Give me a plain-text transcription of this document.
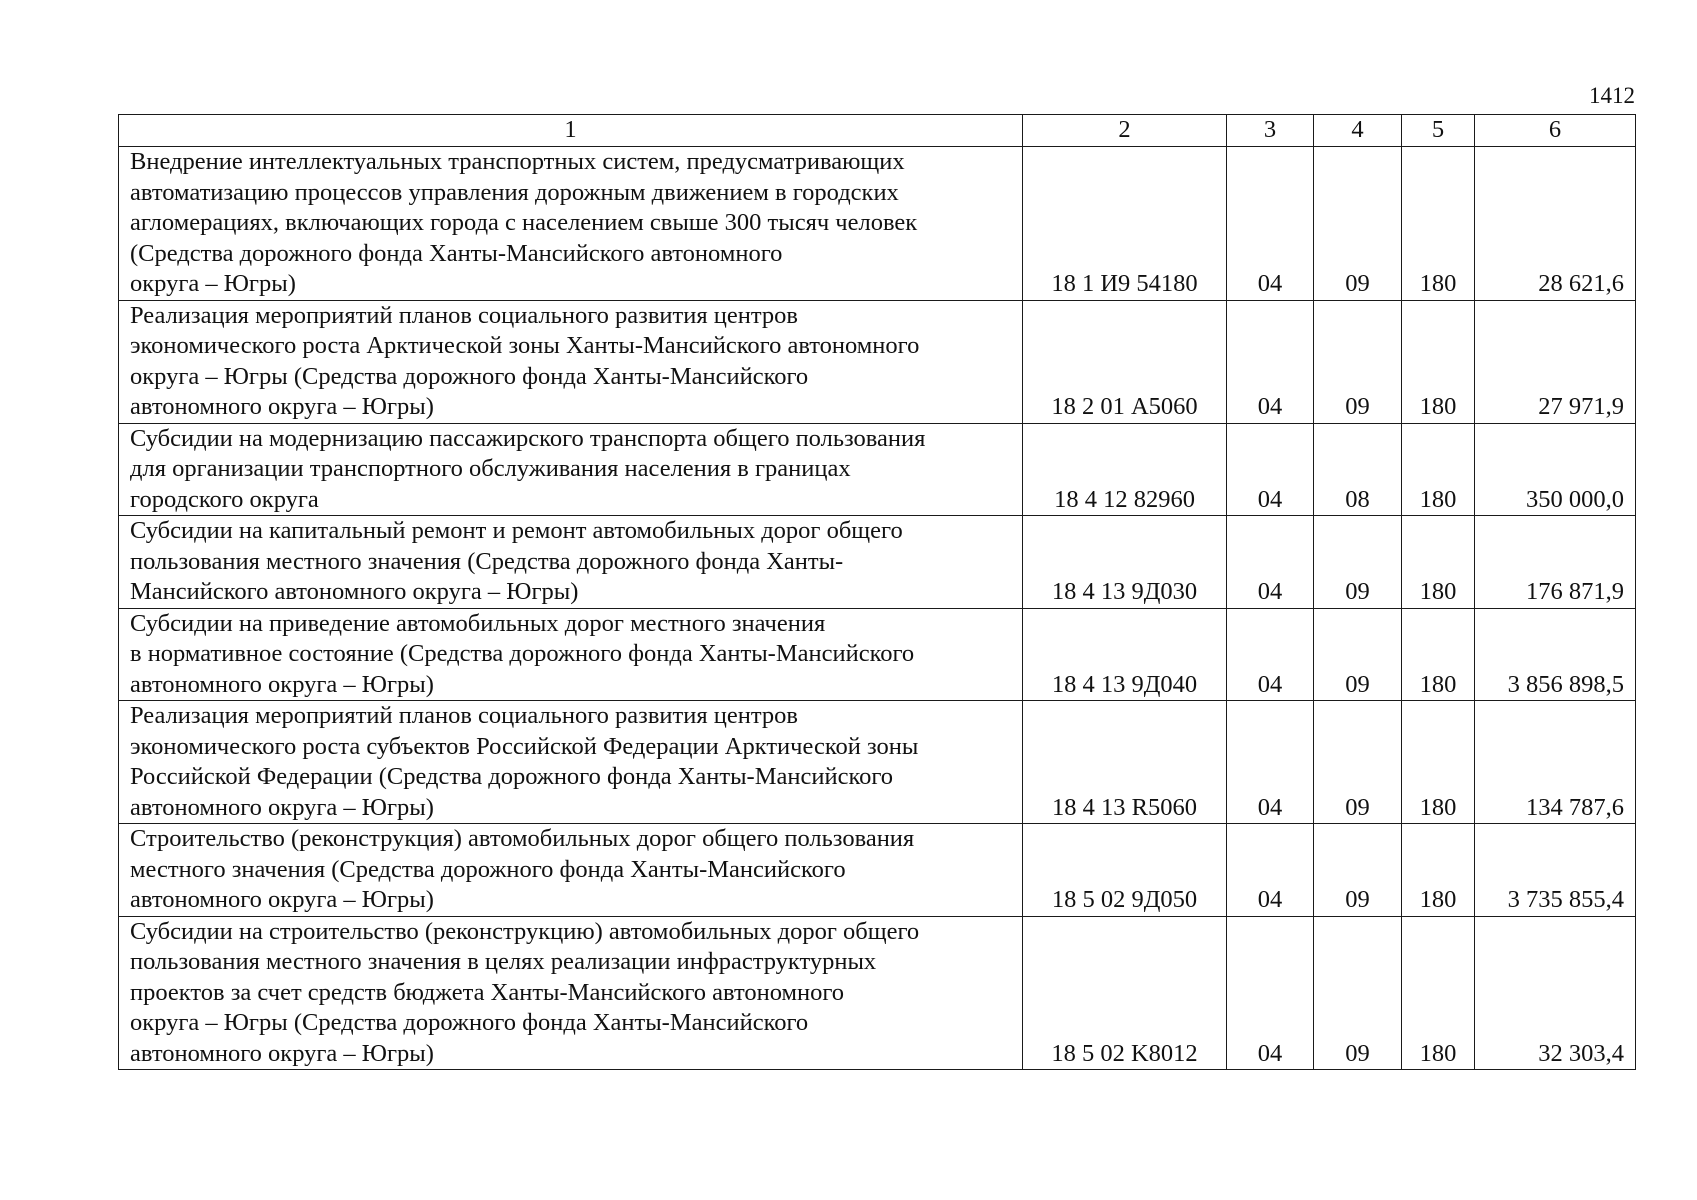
1412
1	2	3	4	5	6

Внедрение интеллектуальных транспортных систем, предусматривающих
автоматизацию процессов управления дорожным движением в городских
агломерациях, включающих города с населением свыше 300 тысяч человек
(Средства дорожного фонда Ханты-Мансийского автономного
округа – Югры)	18 1 И9 54180	04	09	180	28 621,6

Реализация мероприятий планов социального развития центров
экономического роста Арктической зоны Ханты-Мансийского автономного
округа – Югры (Средства дорожного фонда Ханты-Мансийского
автономного округа – Югры)	18 2 01 А5060	04	09	180	27 971,9

Субсидии на модернизацию пассажирского транспорта общего пользования
для организации транспортного обслуживания населения в границах
городского округа	18 4 12 82960	04	08	180	350 000,0

Субсидии на капитальный ремонт и ремонт автомобильных дорог общего
пользования местного значения (Средства дорожного фонда Ханты-
Мансийского автономного округа – Югры)	18 4 13 9Д030	04	09	180	176 871,9

Субсидии на приведение автомобильных дорог местного значения
в нормативное состояние (Средства дорожного фонда Ханты-Мансийского
автономного округа – Югры)	18 4 13 9Д040	04	09	180	3 856 898,5

Реализация мероприятий планов социального развития центров
экономического роста субъектов Российской Федерации Арктической зоны
Российской Федерации (Средства дорожного фонда Ханты-Мансийского
автономного округа – Югры)	18 4 13 R5060	04	09	180	134 787,6

Строительство (реконструкция) автомобильных дорог общего пользования
местного значения (Средства дорожного фонда Ханты-Мансийского
автономного округа – Югры)	18 5 02 9Д050	04	09	180	3 735 855,4

Субсидии на строительство (реконструкцию) автомобильных дорог общего
пользования местного значения в целях реализации инфраструктурных
проектов за счет средств бюджета Ханты-Мансийского автономного
округа – Югры (Средства дорожного фонда Ханты-Мансийского
автономного округа – Югры)	18 5 02 K8012	04	09	180	32 303,4
